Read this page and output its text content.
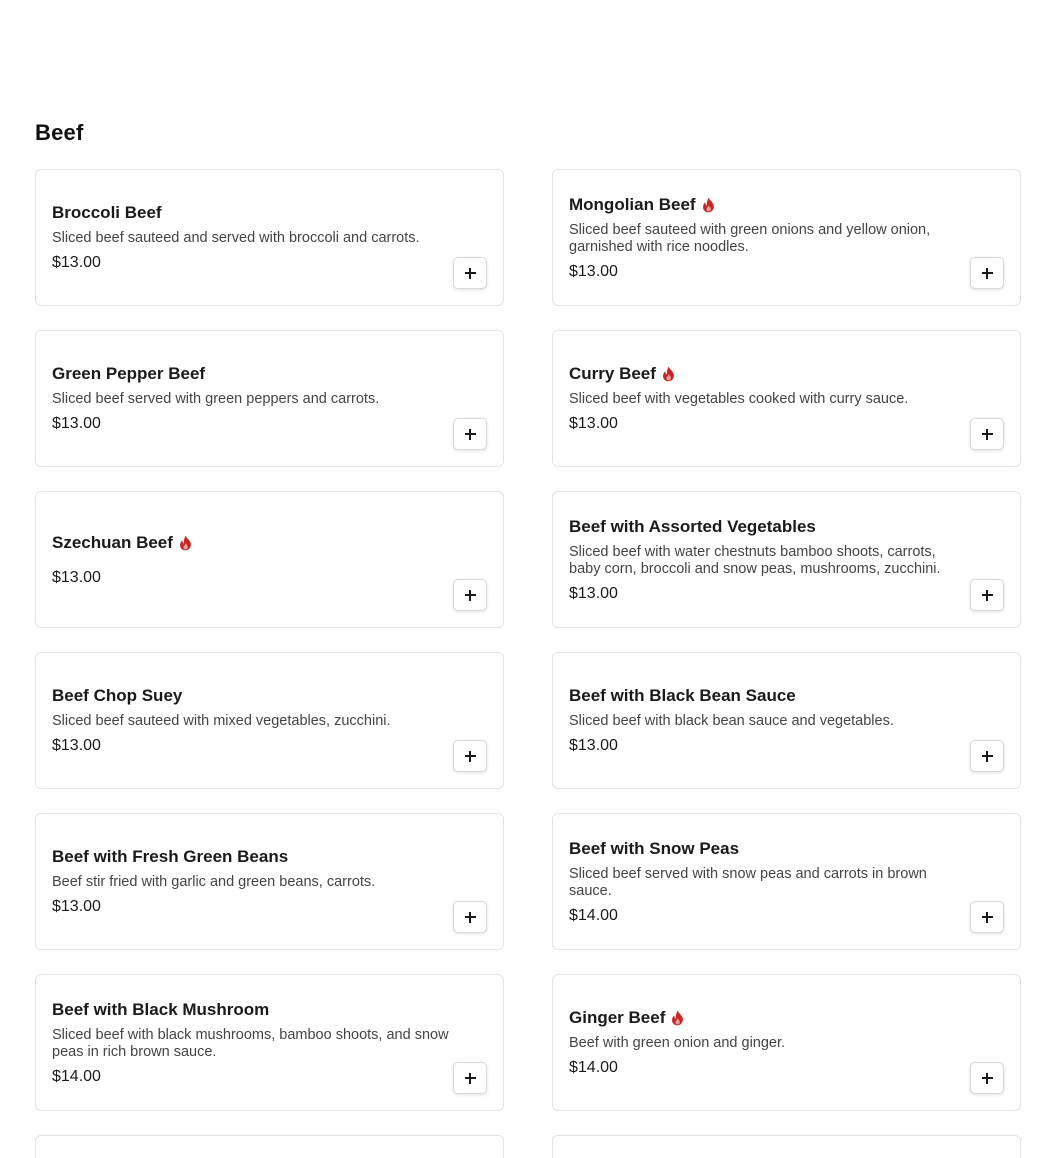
Beef
Broccoli Beef
Sliced beef sauteed and served with broccoli and carrots.
$13.00
Mongolian Beef
Sliced beef sauteed with green onions and yellow onion, garnished with rice noodles.
$13.00
Green Pepper Beef
Sliced beef served with green peppers and carrots.
$13.00
Curry Beef
Sliced beef with vegetables cooked with curry sauce.
$13.00
Szechuan Beef
$13.00
Beef with Assorted Vegetables
Sliced beef with water chestnuts bamboo shoots, carrots, baby corn, broccoli and snow peas, mushrooms, zucchini.
$13.00
Beef Chop Suey
Sliced beef sauteed with mixed vegetables, zucchini.
$13.00
Beef with Black Bean Sauce
Sliced beef with black bean sauce and vegetables.
$13.00
Beef with Fresh Green Beans
Beef stir fried with garlic and green beans, carrots.
$13.00
Beef with Snow Peas
Sliced beef served with snow peas and carrots in brown sauce.
$14.00
Beef with Black Mushroom
Sliced beef with black mushrooms, bamboo shoots, and snow peas in rich brown sauce.
$14.00
Ginger Beef
Beef with green onion and ginger.
$14.00
